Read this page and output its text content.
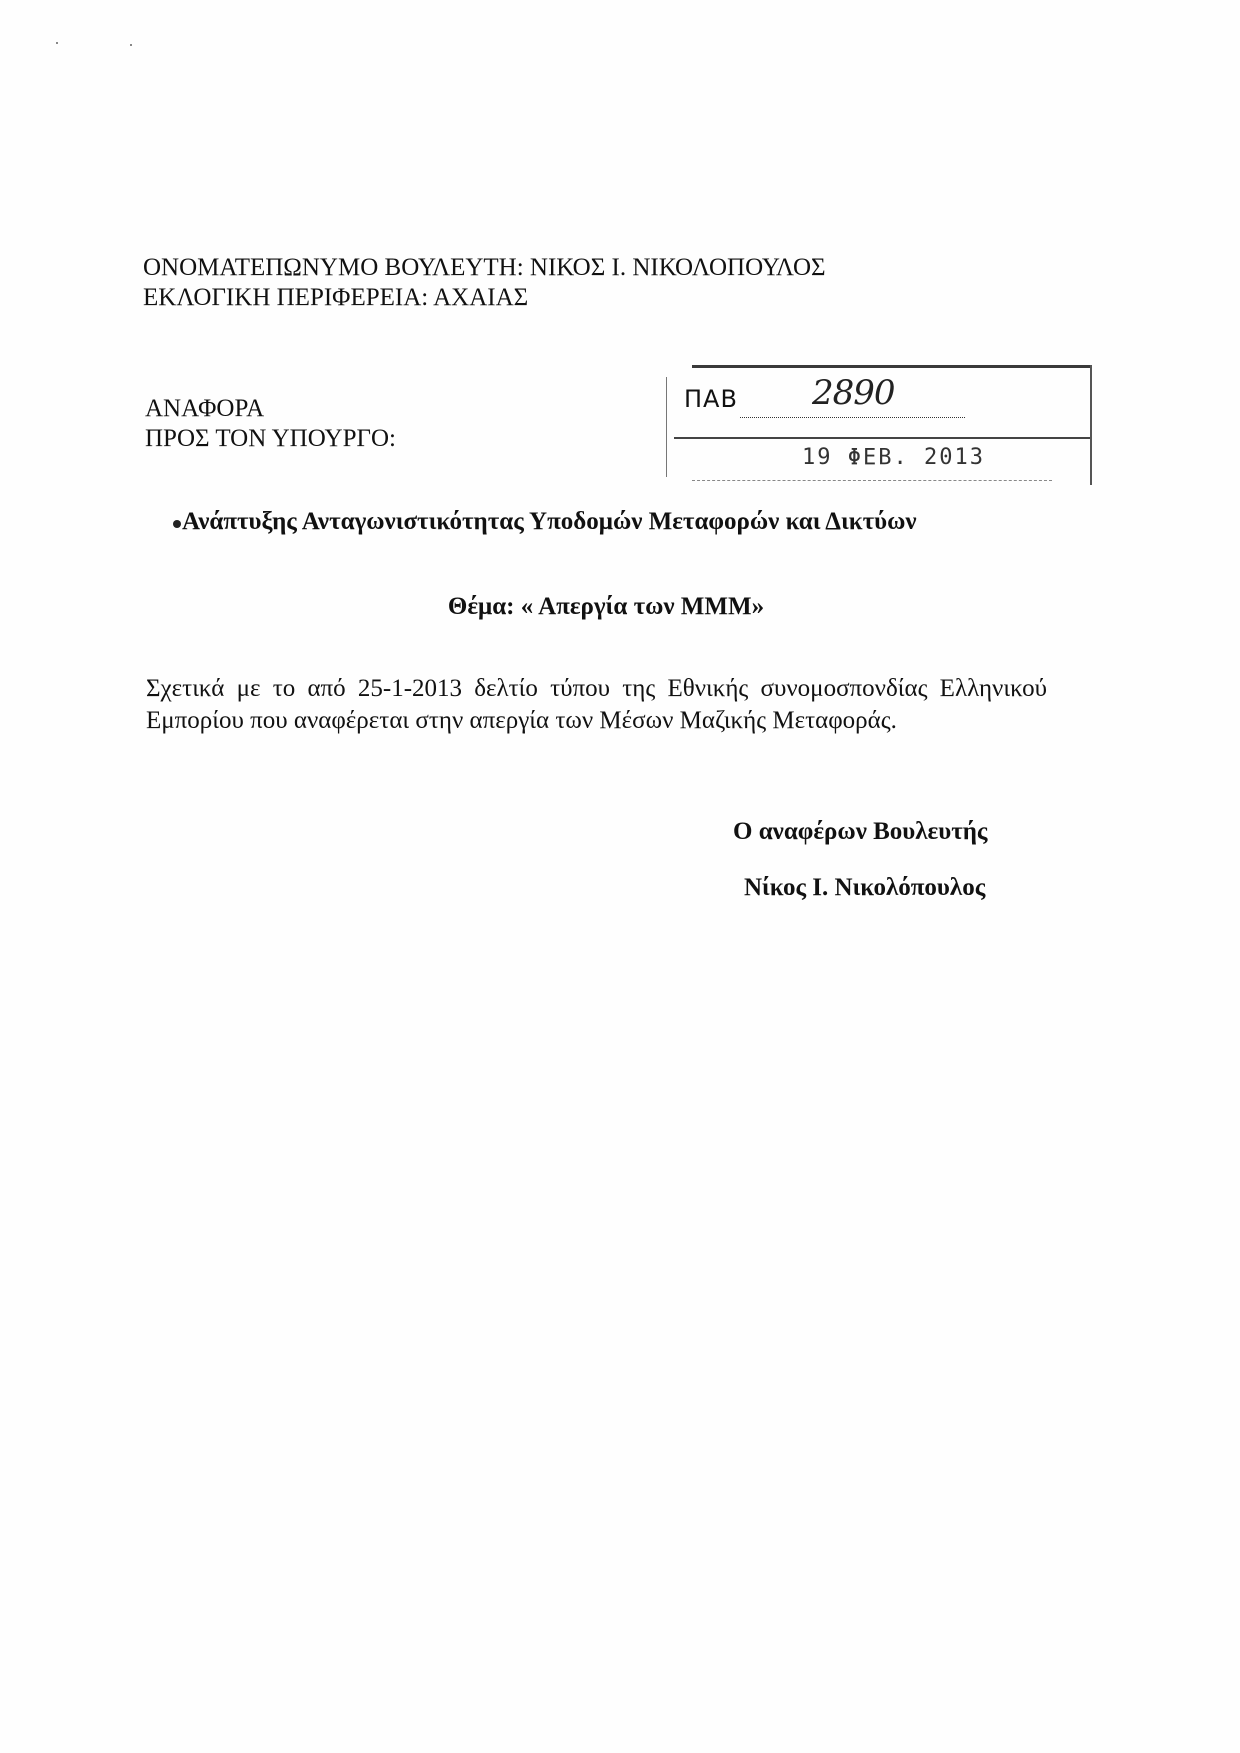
ΟΝΟΜΑΤΕΠΩΝΥΜΟ ΒΟΥΛΕΥΤΗ: ΝΙΚΟΣ Ι. ΝΙΚΟΛΟΠΟΥΛΟΣ
ΕΚΛΟΓΙΚΗ ΠΕΡΙΦΕΡΕΙΑ: ΑΧΑΙΑΣ
ΑΝΑΦΟΡΑ
ΠΡΟΣ ΤΟΝ ΥΠΟΥΡΓΟ:
ΠΑΒ 2890
19 ΦΕΒ. 2013
Ανάπτυξης Ανταγωνιστικότητας Υποδομών Μεταφορών και Δικτύων
Θέμα: « Απεργία των ΜΜΜ»
Σχετικά με το από 25-1-2013 δελτίο τύπου της Εθνικής συνομοσπονδίας Ελληνικού Εμπορίου που αναφέρεται στην απεργία των Μέσων Μαζικής Μεταφοράς.
Ο αναφέρων Βουλευτής
Νίκος Ι. Νικολόπουλος
